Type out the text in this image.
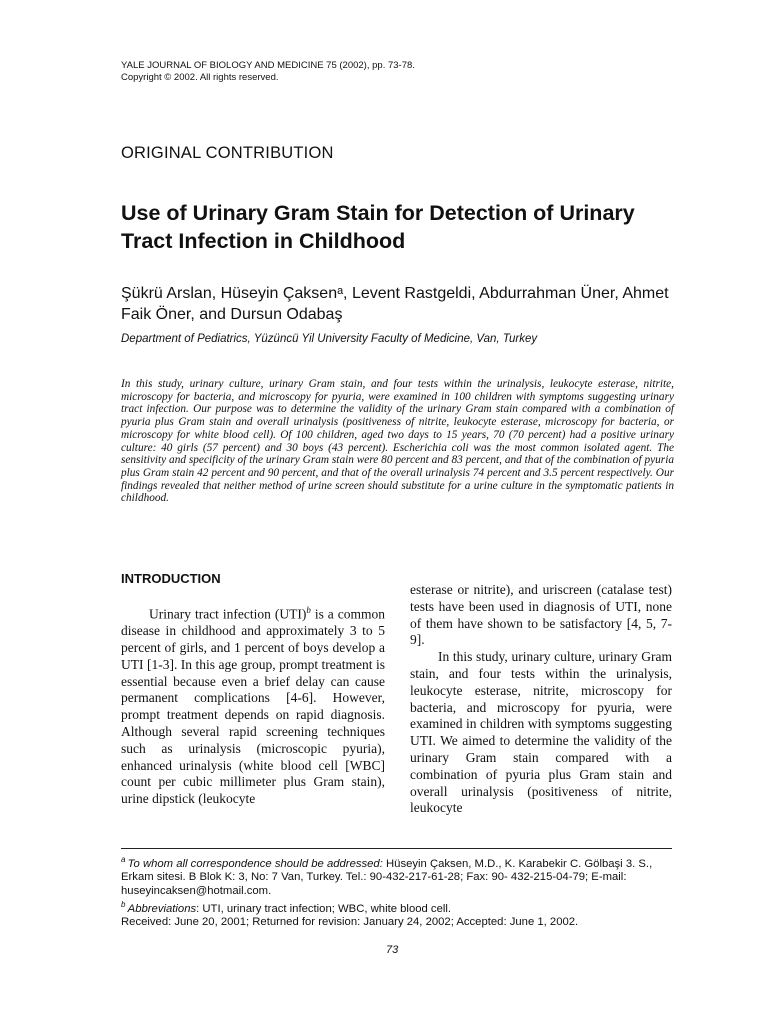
YALE JOURNAL OF BIOLOGY AND MEDICINE 75 (2002), pp. 73-78.
Copyright © 2002. All rights reserved.
ORIGINAL CONTRIBUTION
Use of Urinary Gram Stain for Detection of Urinary Tract Infection in Childhood
Şükrü Arslan, Hüseyin Çaksenᵃ, Levent Rastgeldi, Abdurrahman Üner, Ahmet Faik Öner, and Dursun Odabaş
Department of Pediatrics, Yüzüncü Yil University Faculty of Medicine, Van, Turkey
In this study, urinary culture, urinary Gram stain, and four tests within the urinalysis, leukocyte esterase, nitrite, microscopy for bacteria, and microscopy for pyuria, were examined in 100 children with symptoms suggesting urinary tract infection. Our purpose was to determine the validity of the urinary Gram stain compared with a combination of pyuria plus Gram stain and overall urinalysis (positiveness of nitrite, leukocyte esterase, microscopy for bacteria, or microscopy for white blood cell). Of 100 children, aged two days to 15 years, 70 (70 percent) had a positive urinary culture: 40 girls (57 percent) and 30 boys (43 percent). Escherichia coli was the most common isolated agent. The sensitivity and specificity of the urinary Gram stain were 80 percent and 83 percent, and that of the combination of pyuria plus Gram stain 42 percent and 90 percent, and that of the overall urinalysis 74 percent and 3.5 percent respectively. Our findings revealed that neither method of urine screen should substitute for a urine culture in the symptomatic patients in childhood.
INTRODUCTION

Urinary tract infection (UTI)$^b$ is a common disease in childhood and approximately 3 to 5 percent of girls, and 1 percent of boys develop a UTI [1-3]. In this age group, prompt treatment is essential because even a brief delay can cause permanent complications [4-6]. However, prompt treatment depends on rapid diagnosis. Although several rapid screening techniques such as urinalysis (microscopic pyuria), enhanced urinalysis (white blood cell [WBC] count per cubic millimeter plus Gram stain), urine dipstick (leukocyte

esterase or nitrite), and uriscreen (catalase test) tests have been used in diagnosis of UTI, none of them have shown to be satisfactory [4, 5, 7-9].

In this study, urinary culture, urinary Gram stain, and four tests within the urinalysis, leukocyte esterase, nitrite, microscopy for bacteria, and microscopy for pyuria, were examined in children with symptoms suggesting UTI. We aimed to determine the validity of the urinary Gram stain compared with a combination of pyuria plus Gram stain and overall urinalysis (positiveness of nitrite, leukocyte

a To whom all correspondence should be addressed: Hüseyin Çaksen, M.D., K. Karabekir C. Gölbaşi 3. S., Erkam sitesi. B Blok K: 3, No: 7 Van, Turkey. Tel.: 90-432-217-61-28; Fax: 90- 432-215-04-79; E-mail: huseyincaksen@hotmail.com.

b Abbreviations: UTI, urinary tract infection; WBC, white blood cell.

Received: June 20, 2001; Returned for revision: January 24, 2002; Accepted: June 1, 2002.

73
